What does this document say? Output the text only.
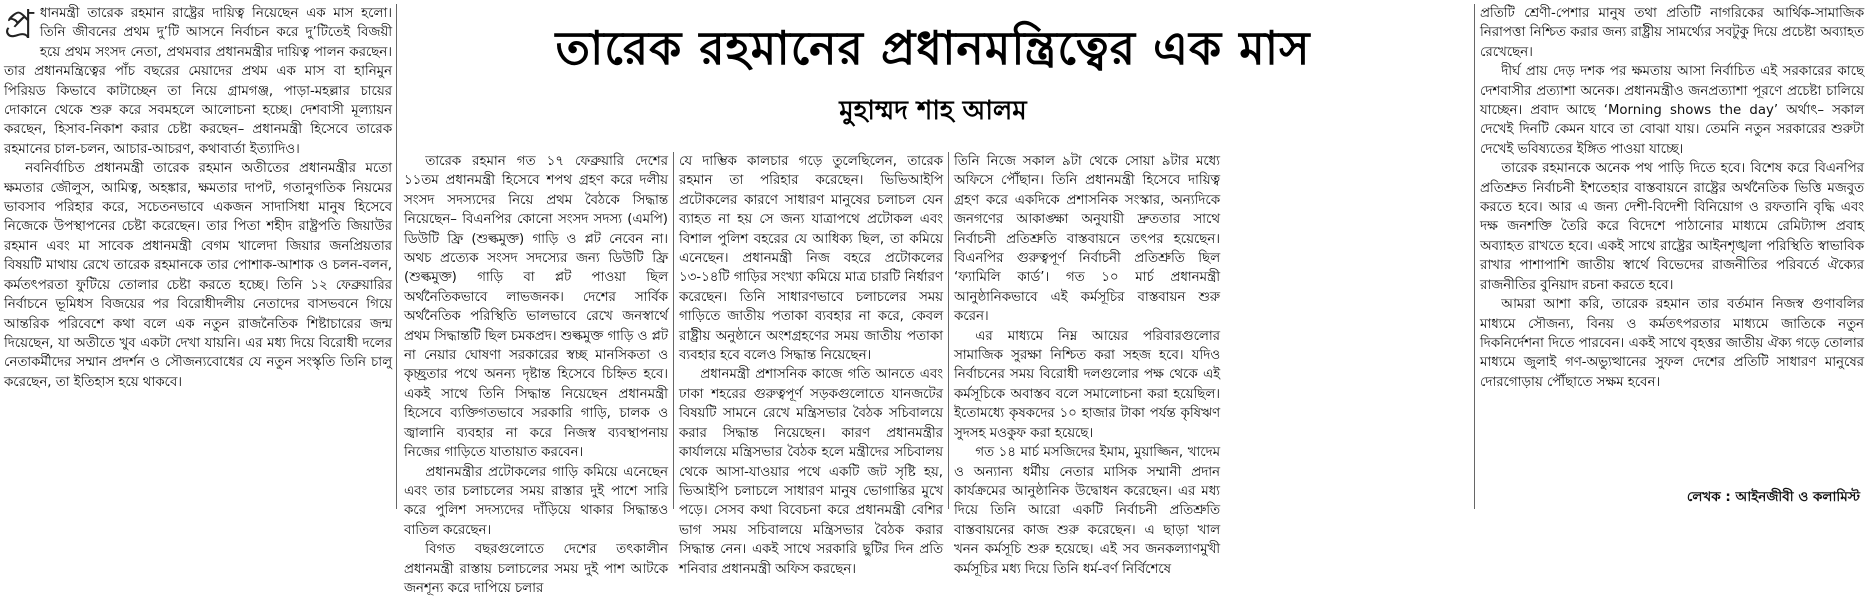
প্র ধানমন্ত্রী তারেক রহমান রাষ্ট্রের দায়িত্ব নিয়েছেন এক মাস হলো। তিনি জীবনের প্রথম দু’টি আসনে নির্বাচন করে দু’টিতেই বিজয়ী হয়ে প্রথম সংসদ নেতা, প্রথমবার প্রধানমন্ত্রীর দায়িত্ব পালন করছেন। তার প্রধানমন্ত্রিত্বের পাঁচ বছরের মেয়াদের প্রথম এক মাস বা হানিমুন পিরিয়ড কিভাবে কাটাচ্ছেন তা নিয়ে গ্রামগঞ্জ, পাড়া-মহল্লার চায়ের দোকানে থেকে শুরু করে সবমহলে আলোচনা হচ্ছে। দেশবাসী মূল্যায়ন করছেন, হিসাব-নিকাশ করার চেষ্টা করছেন– প্রধানমন্ত্রী হিসেবে তারেক রহমানের চাল-চলন, আচার-আচরণ, কথাবার্তা ইত্যাদিও।

নবনির্বাচিত প্রধানমন্ত্রী তারেক রহমান অতীতের প্রধানমন্ত্রীর মতো ক্ষমতার জৌলুস, আমিত্ব, অহঙ্কার, ক্ষমতার দাপট, গতানুগতিক নিয়মের ভাবসাব পরিহার করে, সচেতনভাবে একজন সাদাসিধা মানুষ হিসেবে নিজেকে উপস্থাপনের চেষ্টা করেছেন। তার পিতা শহীদ রাষ্ট্রপতি জিয়াউর রহমান এবং মা সাবেক প্রধানমন্ত্রী বেগম খালেদা জিয়ার জনপ্রিয়তার বিষয়টি মাথায় রেখে তারেক রহমানকে তার পোশাক-আশাক ও চলন-বলন, কর্মতৎপরতা ফুটিয়ে তোলার চেষ্টা করতে হচ্ছে। তিনি ১২ ফেব্রুয়ারির নির্বাচনে ভূমিধস বিজয়ের পর বিরোধীদলীয় নেতাদের বাসভবনে গিয়ে আন্তরিক পরিবেশে কথা বলে এক নতুন রাজনৈতিক শিষ্টাচারের জন্ম দিয়েছেন, যা অতীতে খুব একটা দেখা যায়নি। এর মধ্য দিয়ে বিরোধী দলের নেতাকর্মীদের সম্মান প্রদর্শন ও সৌজন্যবোধের যে নতুন সংস্কৃতি তিনি চালু করেছেন, তা ইতিহাস হয়ে থাকবে।

তারেক রহমানের প্রধানমন্ত্রিত্বের এক মাস
মুহাম্মদ শাহ আলম

তারেক রহমান গত ১৭ ফেব্রুয়ারি দেশের ১১তম প্রধানমন্ত্রী হিসেবে শপথ গ্রহণ করে দলীয় সংসদ সদস্যদের নিয়ে প্রথম বৈঠকে সিদ্ধান্ত নিয়েছেন– বিএনপির কোনো সংসদ সদস্য (এমপি) ডিউটি ফ্রি (শুল্কমুক্ত) গাড়ি ও প্লট নেবেন না। অথচ প্রত্যেক সংসদ সদস্যের জন্য ডিউটি ফ্রি (শুল্কমুক্ত) গাড়ি বা প্লট পাওয়া ছিল অর্থনৈতিকভাবে লাভজনক। দেশের সার্বিক অর্থনৈতিক পরিস্থিতি ভালভাবে রেখে জনস্বার্থে প্রথম সিদ্ধান্তটি ছিল চমকপ্রদ। শুল্কমুক্ত গাড়ি ও প্লট না নেয়ার ঘোষণা সরকারের স্বচ্ছ মানসিকতা ও কৃচ্ছ্রতার পথে অনন্য দৃষ্টান্ত হিসেবে চিহ্নিত হবে। একই সাথে তিনি সিদ্ধান্ত নিয়েছেন প্রধানমন্ত্রী হিসেবে ব্যক্তিগতভাবে সরকারি গাড়ি, চালক ও জ্বালানি ব্যবহার না করে নিজস্ব ব্যবস্থাপনায় নিজের গাড়িতে যাতায়াত করবেন।

প্রধানমন্ত্রীর প্রটোকলের গাড়ি কমিয়ে এনেছেন এবং তার চলাচলের সময় রাস্তার দুই পাশে সারি করে পুলিশ সদস্যদের দাঁড়িয়ে থাকার সিদ্ধান্তও বাতিল করেছেন।

বিগত বছরগুলোতে দেশের তৎকালীন প্রধানমন্ত্রী রাস্তায় চলাচলের সময় দুই পাশ আটকে জনশূন্য করে দাপিয়ে চলার

যে দাম্ভিক কালচার গড়ে তুলেছিলেন, তারেক রহমান তা পরিহার করেছেন। ভিভিআইপি প্রটোকলের কারণে সাধারণ মানুষের চলাচল যেন ব্যাহত না হয় সে জন্য যাত্রাপথে প্রটোকল এবং বিশাল পুলিশ বহরের যে আধিক্য ছিল, তা কমিয়ে এনেছেন। প্রধানমন্ত্রী নিজ বহরে প্রটোকলের ১৩-১৪টি গাড়ির সংখ্যা কমিয়ে মাত্র চারটি নির্ধারণ করেছেন। তিনি সাধারণভাবে চলাচলের সময় গাড়িতে জাতীয় পতাকা ব্যবহার না করে, কেবল রাষ্ট্রীয় অনুষ্ঠানে অংশগ্রহণের সময় জাতীয় পতাকা ব্যবহার হবে বলেও সিদ্ধান্ত নিয়েছেন।

প্রধানমন্ত্রী প্রশাসনিক কাজে গতি আনতে এবং ঢাকা শহরের গুরুত্বপূর্ণ সড়কগুলোতে যানজটের বিষয়টি সামনে রেখে মন্ত্রিসভার বৈঠক সচিবালয়ে করার সিদ্ধান্ত নিয়েছেন। কারণ প্রধানমন্ত্রীর কার্যালয়ে মন্ত্রিসভার বৈঠক হলে মন্ত্রীদের সচিবালয় থেকে আসা-যাওয়ার পথে একটি জট সৃষ্টি হয়, ভিআইপি চলাচলে সাধারণ মানুষ ভোগান্তির মুখে পড়ে। সেসব কথা বিবেচনা করে প্রধানমন্ত্রী বেশির ভাগ সময় সচিবালয়ে মন্ত্রিসভার বৈঠক করার সিদ্ধান্ত নেন। একই সাথে সরকারি ছুটির দিন প্রতি শনিবার প্রধানমন্ত্রী অফিস করছেন।

তিনি নিজে সকাল ৯টা থেকে সোয়া ৯টার মধ্যে অফিসে পৌঁছান। তিনি প্রধানমন্ত্রী হিসেবে দায়িত্ব গ্রহণ করে একদিকে প্রশাসনিক সংস্কার, অন্যদিকে জনগণের আকাঙ্ক্ষা অনুযায়ী দ্রুততার সাথে নির্বাচনী প্রতিশ্রুতি বাস্তবায়নে তৎপর হয়েছেন। বিএনপির গুরুত্বপূর্ণ নির্বাচনী প্রতিশ্রুতি ছিল ‘ফ্যামিলি কার্ড’। গত ১০ মার্চ প্রধানমন্ত্রী আনুষ্ঠানিকভাবে এই কর্মসূচির বাস্তবায়ন শুরু করেন।

এর মাধ্যমে নিম্ন আয়ের পরিবারগুলোর সামাজিক সুরক্ষা নিশ্চিত করা সহজ হবে। যদিও নির্বাচনের সময় বিরোধী দলগুলোর পক্ষ থেকে এই কর্মসূচিকে অবাস্তব বলে সমালোচনা করা হয়েছিল। ইতোমধ্যে কৃষকদের ১০ হাজার টাকা পর্যন্ত কৃষিঋণ সুদসহ মওকুফ করা হয়েছে।

গত ১৪ মার্চ মসজিদের ইমাম, মুয়াজ্জিন, খাদেম ও অন্যান্য ধর্মীয় নেতার মাসিক সম্মানী প্রদান কার্যক্রমের আনুষ্ঠানিক উদ্বোধন করেছেন। এর মধ্য দিয়ে তিনি আরো একটি নির্বাচনী প্রতিশ্রুতি বাস্তবায়নের কাজ শুরু করেছেন। এ ছাড়া খাল খনন কর্মসূচি শুরু হয়েছে। এই সব জনকল্যাণমুখী কর্মসূচির মধ্য দিয়ে তিনি ধর্ম-বর্ণ নির্বিশেষে

প্রতিটি শ্রেণী-পেশার মানুষ তথা প্রতিটি নাগরিকের আর্থিক-সামাজিক নিরাপত্তা নিশ্চিত করার জন্য রাষ্ট্রীয় সামর্থ্যের সবটুকু দিয়ে প্রচেষ্টা অব্যাহত রেখেছেন।

দীর্ঘ প্রায় দেড় দশক পর ক্ষমতায় আসা নির্বাচিত এই সরকারের কাছে দেশবাসীর প্রত্যাশা অনেক। প্রধানমন্ত্রীও জনপ্রত্যাশা পূরণে প্রচেষ্টা চালিয়ে যাচ্ছেন। প্রবাদ আছে ‘Morning shows the day’ অর্থাৎ– সকাল দেখেই দিনটি কেমন যাবে তা বোঝা যায়। তেমনি নতুন সরকারের শুরুটা দেখেই ভবিষ্যতের ইঙ্গিত পাওয়া যাচ্ছে।

তারেক রহমানকে অনেক পথ পাড়ি দিতে হবে। বিশেষ করে বিএনপির প্রতিশ্রুত নির্বাচনী ইশতেহার বাস্তবায়নে রাষ্ট্রের অর্থনৈতিক ভিত্তি মজবুত করতে হবে। আর এ জন্য দেশী-বিদেশী বিনিয়োগ ও রফতানি বৃদ্ধি এবং দক্ষ জনশক্তি তৈরি করে বিদেশে পাঠানোর মাধ্যমে রেমিট্যান্স প্রবাহ অব্যাহত রাখতে হবে। একই সাথে রাষ্ট্রের আইনশৃঙ্খলা পরিস্থিতি স্বাভাবিক রাখার পাশাপাশি জাতীয় স্বার্থে বিভেদের রাজনীতির পরিবর্তে ঐক্যের রাজনীতির বুনিয়াদ রচনা করতে হবে।

আমরা আশা করি, তারেক রহমান তার বর্তমান নিজস্ব গুণাবলির মাধ্যমে সৌজন্য, বিনয় ও কর্মতৎপরতার মাধ্যমে জাতিকে নতুন দিকনির্দেশনা দিতে পারবেন। একই সাথে বৃহত্তর জাতীয় ঐক্য গড়ে তোলার মাধ্যমে জুলাই গণ-অভ্যুত্থানের সুফল দেশের প্রতিটি সাধারণ মানুষের দোরগোড়ায় পৌঁছাতে সক্ষম হবেন।

লেখক : আইনজীবী ও কলামিস্ট
